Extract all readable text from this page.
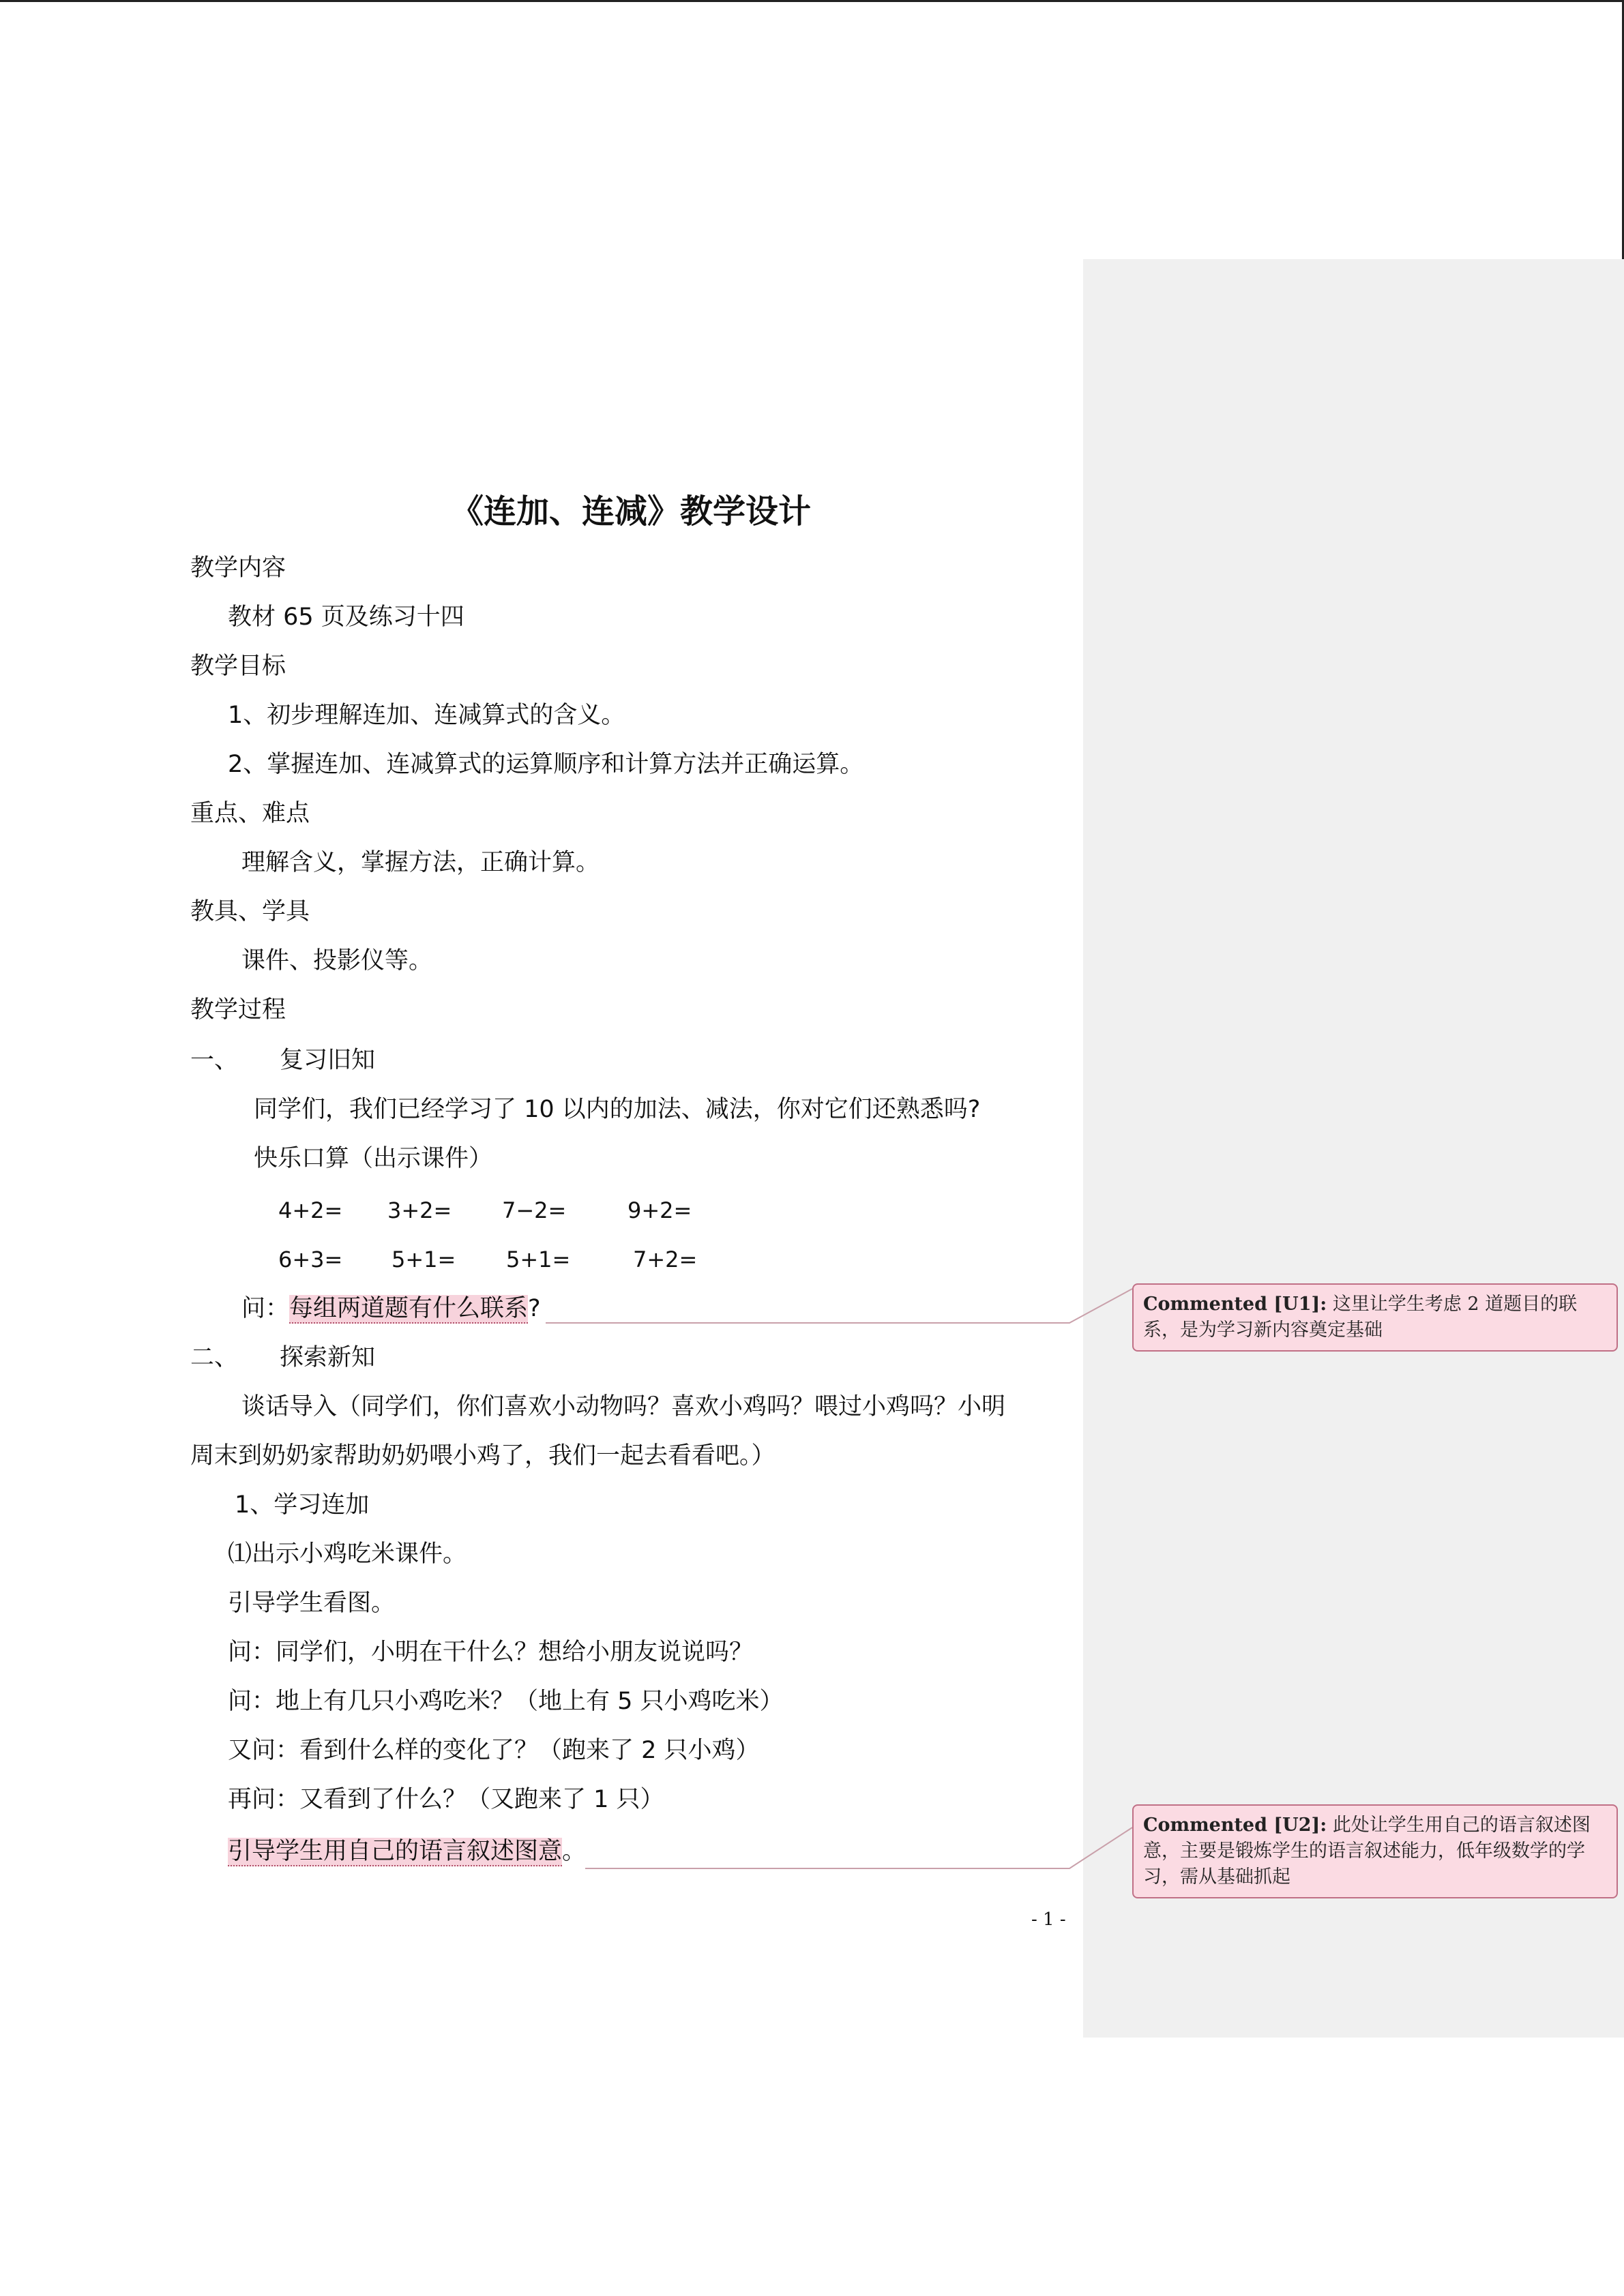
《连加、连减》教学设计
教学内容
教材 65 页及练习十四
教学目标
1、初步理解连加、连减算式的含义。
2、掌握连加、连减算式的运算顺序和计算方法并正确运算。
重点、难点
理解含义，掌握方法，正确计算。
教具、学具
课件、投影仪等。
教学过程
一、 复习旧知
同学们，我们已经学习了 10 以内的加法、减法，你对它们还熟悉吗?
快乐口算（出示课件）
4+2= 3+2= 7−2=	9+2=
6+3= 5+1= 5+1=	7+2=
问：每组两道题有什么联系?
二、 探索新知
谈话导入（同学们，你们喜欢小动物吗？喜欢小鸡吗？喂过小鸡吗？小明
周末到奶奶家帮助奶奶喂小鸡了，我们一起去看看吧。）
1、学习连加
⑴出示小鸡吃米课件。
引导学生看图。
问：同学们，小明在干什么？想给小朋友说说吗？
问：地上有几只小鸡吃米？（地上有 5 只小鸡吃米）
又问：看到什么样的变化了？（跑来了 2 只小鸡）
再问：又看到了什么？（又跑来了 1 只）
引导学生用自己的语言叙述图意。
- 1 -
Commented [U1]: 这里让学生考虑 2 道题目的联系，是为学习新内容奠定基础
Commented [U2]: 此处让学生用自己的语言叙述图意，主要是锻炼学生的语言叙述能力，低年级数学的学习，需从基础抓起
